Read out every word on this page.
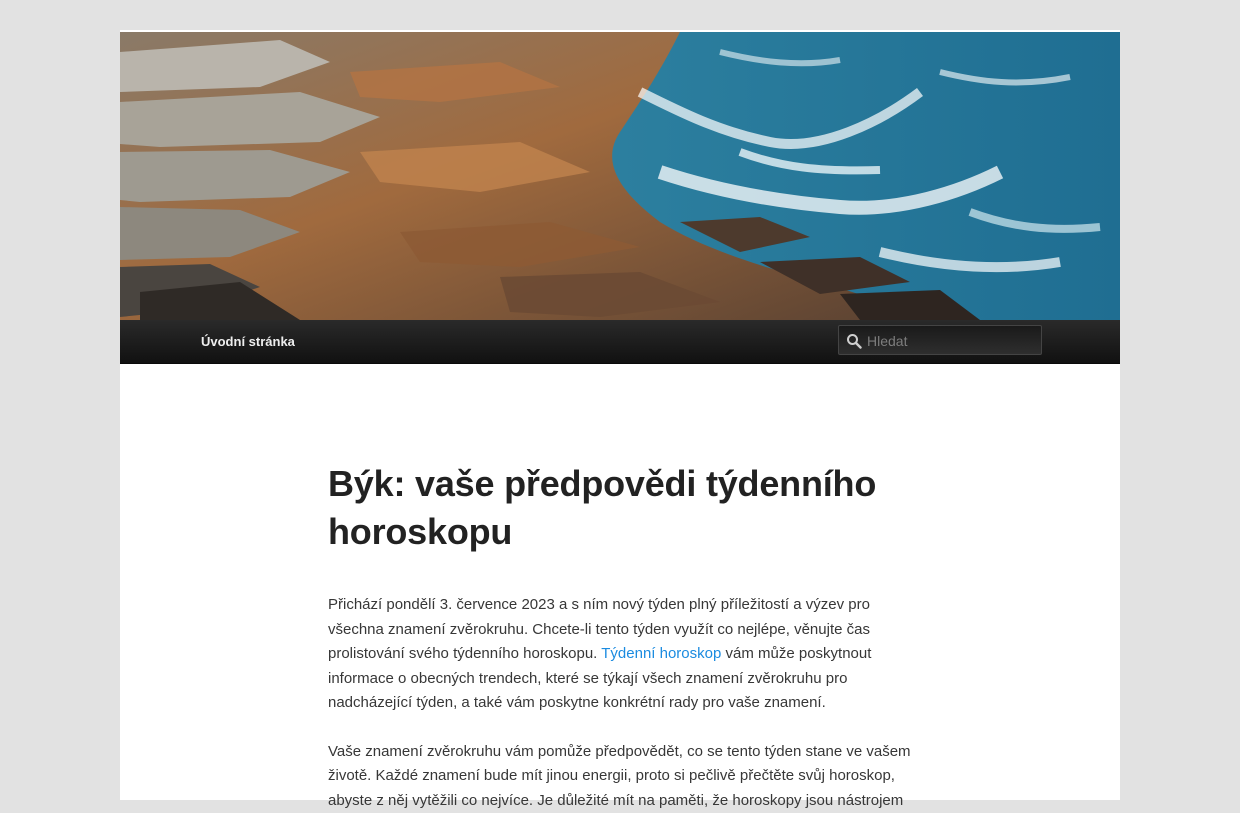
Úvodní stránka
Hledat
Býk: vaše předpovědi týdenního horoskopu

Přichází pondělí 3. července 2023 a s ním nový týden plný příležitostí a výzev pro všechna znamení zvěrokruhu. Chcete-li tento týden využít co nejlépe, věnujte čas prolistování svého týdenního horoskopu. Týdenní horoskop vám může poskytnout informace o obecných trendech, které se týkají všech znamení zvěrokruhu pro nadcházející týden, a také vám poskytne konkrétní rady pro vaše znamení.

Vaše znamení zvěrokruhu vám pomůže předpovědět, co se tento týden stane ve vašem životě. Každé znamení bude mít jinou energii, proto si pečlivě přečtěte svůj horoskop, abyste z něj vytěžili co nejvíce. Je důležité mít na paměti, že horoskopy jsou nástrojem
